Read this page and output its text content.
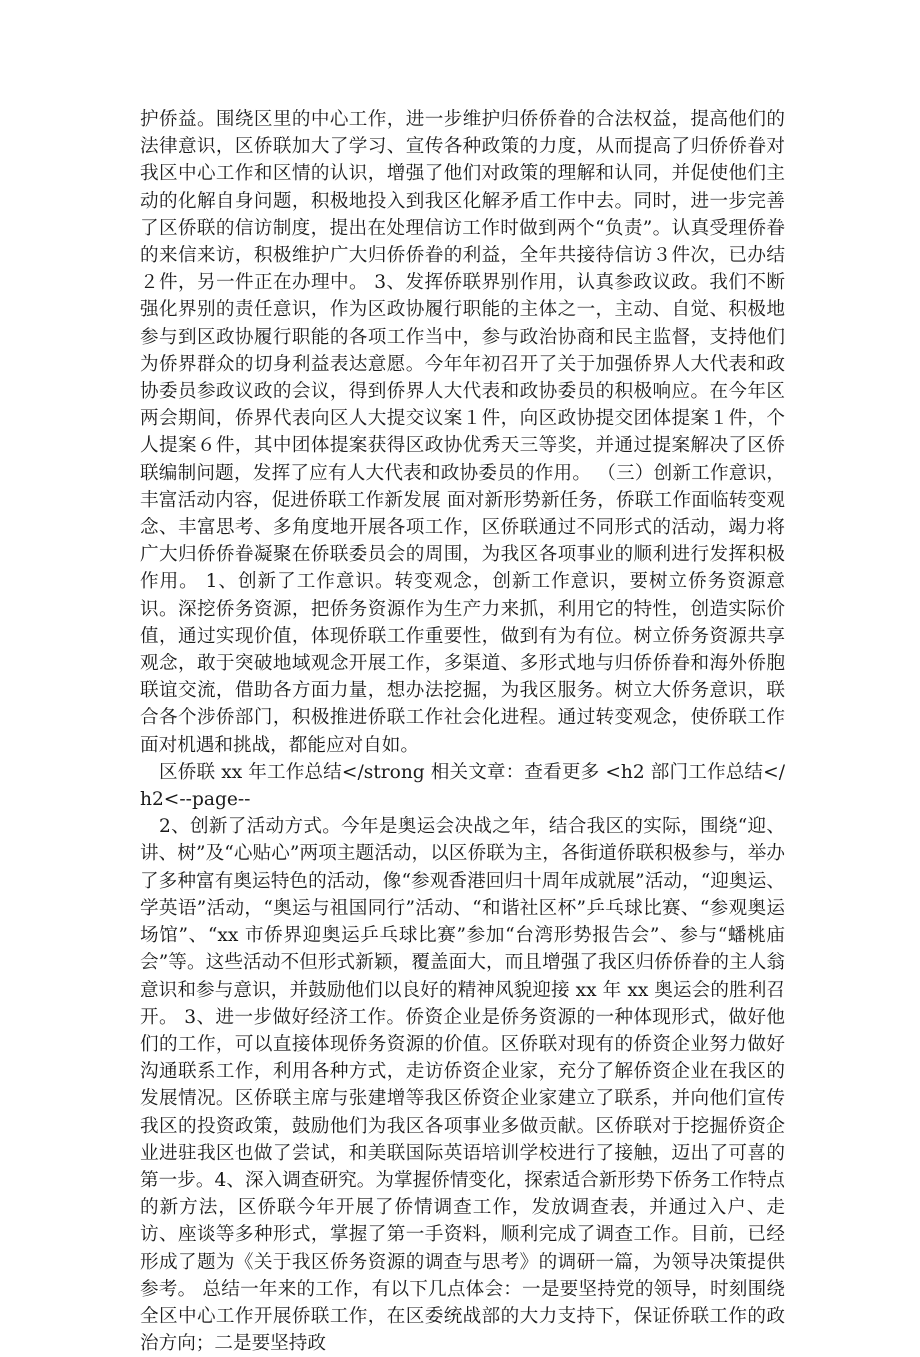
护侨益。围绕区里的中心工作，进一步维护归侨侨眷的合法权益，提高他们的法律意识，区侨联加大了学习、宣传各种政策的力度，从而提高了归侨侨眷对我区中心工作和区情的认识，增强了他们对政策的理解和认同，并促使他们主动的化解自身问题，积极地投入到我区化解矛盾工作中去。同时，进一步完善了区侨联的信访制度，提出在处理信访工作时做到两个“负责”。认真受理侨眷的来信来访，积极维护广大归侨侨眷的利益，全年共接待信访３件次，已办结２件，另一件正在办理中。 3、发挥侨联界别作用，认真参政议政。我们不断强化界别的责任意识，作为区政协履行职能的主体之一，主动、自觉、积极地参与到区政协履行职能的各项工作当中，参与政治协商和民主监督，支持他们为侨界群众的切身利益表达意愿。今年年初召开了关于加强侨界人大代表和政协委员参政议政的会议，得到侨界人大代表和政协委员的积极响应。在今年区两会期间，侨界代表向区人大提交议案１件，向区政协提交团体提案１件，个人提案６件，其中团体提案获得区政协优秀天三等奖，并通过提案解决了区侨联编制问题，发挥了应有人大代表和政协委员的作用。 （三）创新工作意识，丰富活动内容，促进侨联工作新发展 面对新形势新任务，侨联工作面临转变观念、丰富思考、多角度地开展各项工作，区侨联通过不同形式的活动，竭力将广大归侨侨眷凝聚在侨联委员会的周围，为我区各项事业的顺利进行发挥积极作用。 1、创新了工作意识。转变观念，创新工作意识，要树立侨务资源意识。深挖侨务资源，把侨务资源作为生产力来抓，利用它的特性，创造实际价值，通过实现价值，体现侨联工作重要性，做到有为有位。树立侨务资源共享观念，敢于突破地域观念开展工作，多渠道、多形式地与归侨侨眷和海外侨胞联谊交流，借助各方面力量，想办法挖掘，为我区服务。树立大侨务意识，联合各个涉侨部门，积极推进侨联工作社会化进程。通过转变观念，使侨联工作面对机遇和挑战，都能应对自如。

区侨联 xx 年工作总结</strong 相关文章：查看更多 <h2 部门工作总结</h2<--page--

2、创新了活动方式。今年是奥运会决战之年，结合我区的实际，围绕“迎、讲、树”及“心贴心”两项主题活动，以区侨联为主，各街道侨联积极参与，举办了多种富有奥运特色的活动，像“参观香港回归十周年成就展”活动，“迎奥运、学英语”活动，“奥运与祖国同行”活动、“和谐社区杯”乒乓球比赛、“参观奥运场馆”、“xx 市侨界迎奥运乒乓球比赛”参加“台湾形势报告会”、参与“蟠桃庙会”等。这些活动不但形式新颖，覆盖面大，而且增强了我区归侨侨眷的主人翁意识和参与意识，并鼓励他们以良好的精神风貌迎接 xx 年 xx 奥运会的胜利召开。 3、进一步做好经济工作。侨资企业是侨务资源的一种体现形式，做好他们的工作，可以直接体现侨务资源的价值。区侨联对现有的侨资企业努力做好沟通联系工作，利用各种方式，走访侨资企业家，充分了解侨资企业在我区的发展情况。区侨联主席与张建增等我区侨资企业家建立了联系，并向他们宣传我区的投资政策，鼓励他们为我区各项事业多做贡献。区侨联对于挖掘侨资企业进驻我区也做了尝试，和美联国际英语培训学校进行了接触，迈出了可喜的第一步。4、深入调查研究。为掌握侨情变化，探索适合新形势下侨务工作特点的新方法，区侨联今年开展了侨情调查工作，发放调查表，并通过入户、走访、座谈等多种形式，掌握了第一手资料，顺利完成了调查工作。目前，已经形成了题为《关于我区侨务资源的调查与思考》的调研一篇，为领导决策提供参考。 总结一年来的工作，有以下几点体会：一是要坚持党的领导，时刻围绕全区中心工作开展侨联工作，在区委统战部的大力支持下，保证侨联工作的政治方向；二是要坚持政
